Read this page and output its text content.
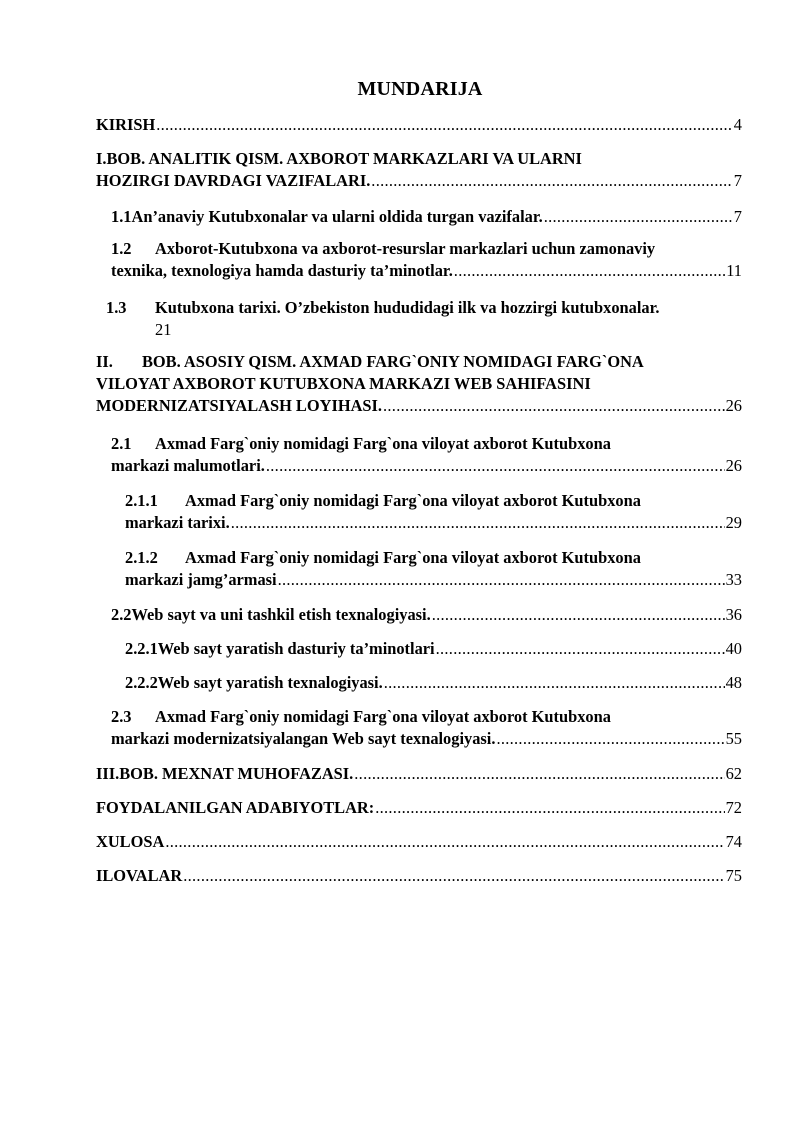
MUNDARIJA
KIRISH .....	4
I.BOB. ANALITIK QISM. AXBOROT MARKAZLARI VA ULARNI
HOZIRGI DAVRDAGI VAZIFALARI. .....	7
1.1 An’anaviy Kutubxonalar va ularni oldida turgan vazifalar. .....	7
1.2 Axborot-Kutubxona va axborot-resurslar markazlari uchun zamonaviy
texnika, texnologiya hamda dasturiy ta’minotlar. .....	11
1.3 Kutubxona tarixi. O’zbekiston hududidagi ilk va hozzirgi kutubxonalar.
21
II. BOB. ASOSIY QISM. AXMAD FARG`ONIY NOMIDAGI FARG`ONA
VILOYAT AXBOROT KUTUBXONA MARKAZI WEB SAHIFASINI
MODERNIZATSIYALASH LOYIHASI. .....	26
2.1 Axmad Farg`oniy nomidagi Farg`ona viloyat axborot Kutubxona
markazi malumotlari. .....	26
2.1.1 Axmad Farg`oniy nomidagi Farg`ona viloyat axborot Kutubxona
markazi tarixi. .....	29
2.1.2 Axmad Farg`oniy nomidagi Farg`ona viloyat axborot Kutubxona
markazi jamg’armasi .....	33
2.2 Web sayt va uni tashkil etish texnalogiyasi. .....	36
2.2.1 Web sayt yaratish dasturiy ta’minotlari .....	40
2.2.2 Web sayt yaratish texnalogiyasi. .....	48
2.3 Axmad Farg`oniy nomidagi Farg`ona viloyat axborot Kutubxona
markazi modernizatsiyalangan Web sayt texnalogiyasi. .....	55
III.BOB. MEXNAT MUHOFAZASI. .....	62
FOYDALANILGAN ADABIYOTLAR: .....	72
XULOSA .....	74
ILOVALAR .....	75
